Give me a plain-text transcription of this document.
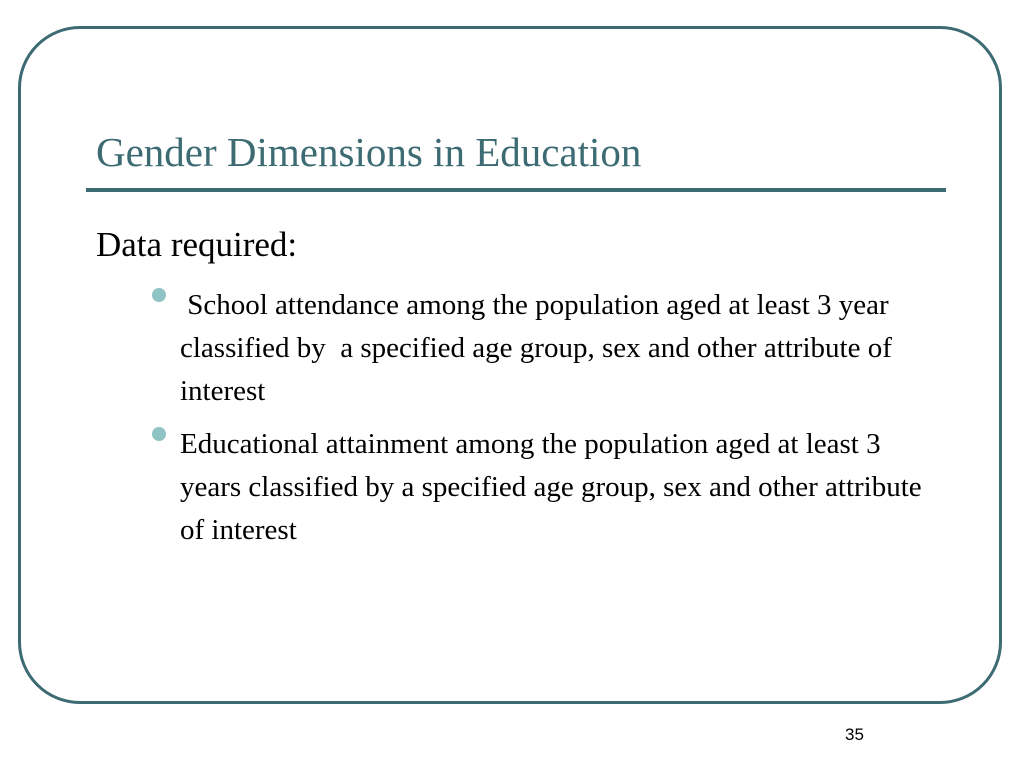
Gender Dimensions in Education
Data required:
School attendance among the population aged at least 3 year classified by  a specified age group, sex and other attribute of interest
Educational attainment among the population aged at least 3 years classified by a specified age group, sex and other attribute of interest
35
